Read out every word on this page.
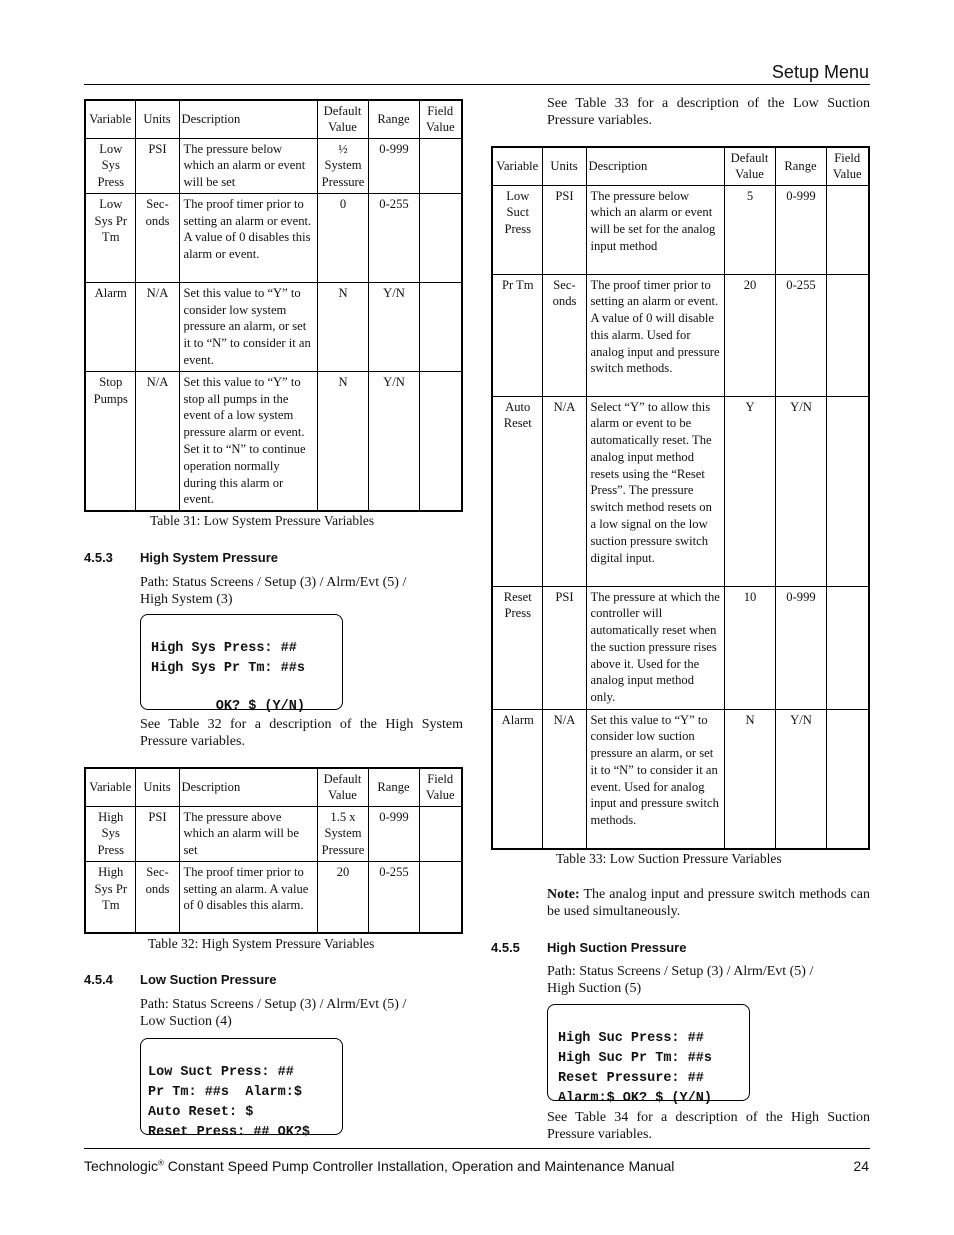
Setup Menu
Variable	Units	Description	Default Value	Range	Field Value
Low Sys Press	PSI	The pressure below which an alarm or event will be set	½ System Pressure	0-999	
Low Sys Pr Tm	Sec-onds	The proof timer prior to setting an alarm or event. A value of 0 disables this alarm or event.	0	0-255	
Alarm	N/A	Set this value to “Y” to consider low system pressure an alarm, or set it to “N” to consider it an event.	N	Y/N	
Stop Pumps	N/A	Set this value to “Y” to stop all pumps in the event of a low system pressure alarm or event. Set it to “N” to continue operation normally during this alarm or event.	N	Y/N	
Table 31: Low System Pressure Variables
4.5.3 High System Pressure
Path: Status Screens / Setup (3) / Alrm/Evt (5) / High System (3)

High Sys Press: ##
High Sys Pr Tm: ##s
OK? $ (Y/N)
See Table 32 for a description of the High System Pressure variables.
Variable	Units	Description	Default Value	Range	Field Value
High Sys Press	PSI	The pressure above which an alarm will be set	1.5 x System Pressure	0-999	
High Sys Pr Tm	Sec-onds	The proof timer prior to setting an alarm. A value of 0 disables this alarm.	20	0-255	
Table 32: High System Pressure Variables
4.5.4 Low Suction Pressure
Path: Status Screens / Setup (3) / Alrm/Evt (5) / Low Suction (4)

Low Suct Press: ##
Pr Tm: ##s  Alarm:$
Auto Reset: $
Reset Press: ## OK?$
See Table 33 for a description of the Low Suction Pressure variables.
Variable	Units	Description	Default Value	Range	Field Value
Low Suct Press	PSI	The pressure below which an alarm or event will be set for the analog input method	5	0-999	
Pr Tm	Sec-onds	The proof timer prior to setting an alarm or event. A value of 0 will disable this alarm. Used for analog input and pressure switch methods.	20	0-255	
Auto Reset	N/A	Select “Y” to allow this alarm or event to be automatically reset. The analog input method resets using the “Reset Press”. The pressure switch method resets on a low signal on the low suction pressure switch digital input.	Y	Y/N	
Reset Press	PSI	The pressure at which the controller will automatically reset when the suction pressure rises above it. Used for the analog input method only.	10	0-999	
Alarm	N/A	Set this value to “Y” to consider low suction pressure an alarm, or set it to “N” to consider it an event. Used for analog input and pressure switch methods.	N	Y/N	
Table 33: Low Suction Pressure Variables
Note: The analog input and pressure switch methods can be used simultaneously.
4.5.5 High Suction Pressure
Path: Status Screens / Setup (3) / Alrm/Evt (5) / High Suction (5)

High Suc Press: ##
High Suc Pr Tm: ##s
Reset Pressure: ##
Alarm:$ OK? $ (Y/N)
See Table 34 for a description of the High Suction Pressure variables.
Technologic® Constant Speed Pump Controller Installation, Operation and Maintenance Manual	24
